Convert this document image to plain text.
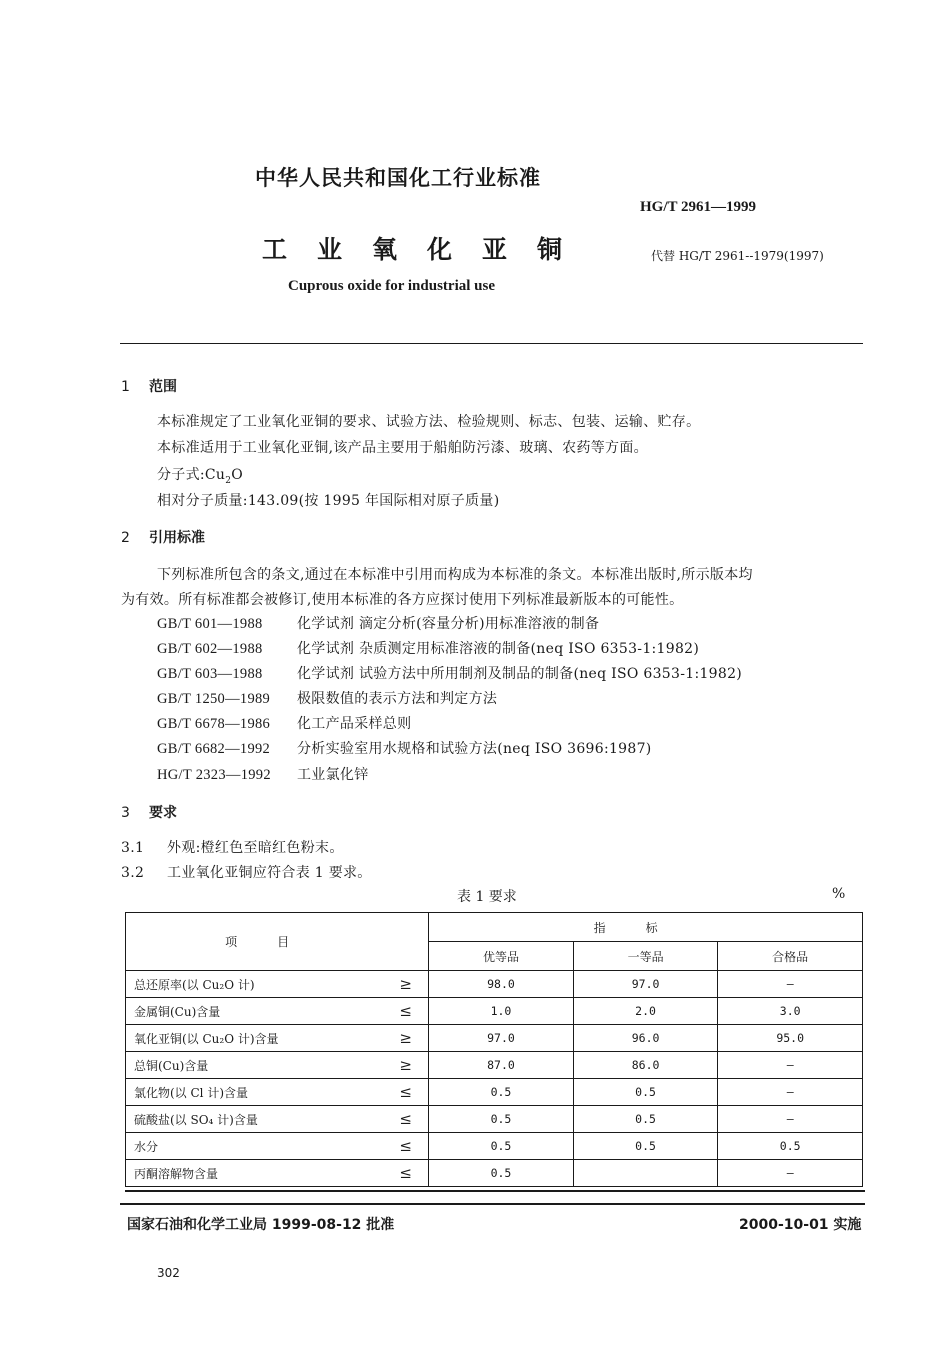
中华人民共和国化工行业标准
HG/T 2961—1999
工业氧化亚铜	代替 HG/T 2961--1979(1997)
Cuprous oxide for industrial use
1 范围
本标准规定了工业氧化亚铜的要求、试验方法、检验规则、标志、包装、运输、贮存。
本标准适用于工业氧化亚铜,该产品主要用于船舶防污漆、玻璃、农药等方面。
分子式$:Cu_2O$
相对分子质量:143.09(按 1995 年国际相对原子质量)
2 引用标准
下列标准所包含的条文,通过在本标准中引用而构成为本标准的条文。本标准出版时,所示版本均
为有效。所有标准都会被修订,使用本标准的各方应探讨使用下列标准最新版本的可能性。
GB/T 601—1988 化学试剂 滴定分析(容量分析)用标准溶液的制备
GB/T 602—1988 化学试剂 杂质测定用标准溶液的制备(neq ISO 6353-1:1982)
GB/T 603—1988 化学试剂 试验方法中所用制剂及制品的制备(neq ISO 6353-1:1982)
GB/T 1250—1989 极限数值的表示方法和判定方法
GB/T 6678—1986 化工产品采样总则
GB/T 6682—1992 分析实验室用水规格和试验方法(neq ISO 3696:1987)
HG/T 2323—1992 工业氯化锌
3 要求
3.1 外观:橙红色至暗红色粉末。
3.2 工业氧化亚铜应符合表 1 要求。
表 1 要求	%
项目		指标		
		优等品	一等品	合格品
总还原率(以 Cu₂O 计)	≥	98.0	97.0	—
金属铜(Cu)含量	≤	1.0	2.0	3.0
氧化亚铜(以 Cu₂O 计)含量	≥	97.0	96.0	95.0
总铜(Cu)含量	≥	87.0	86.0	—
氯化物(以 Cl 计)含量	≤	0.5	0.5	—
硫酸盐(以 SO₄ 计)含量	≤	0.5	0.5	—
水分	≤	0.5	0.5	0.5
丙酮溶解物含量	≤	0.5		—
国家石油和化学工业局 1999-08-12 批准	2000-10-01 实施
302
